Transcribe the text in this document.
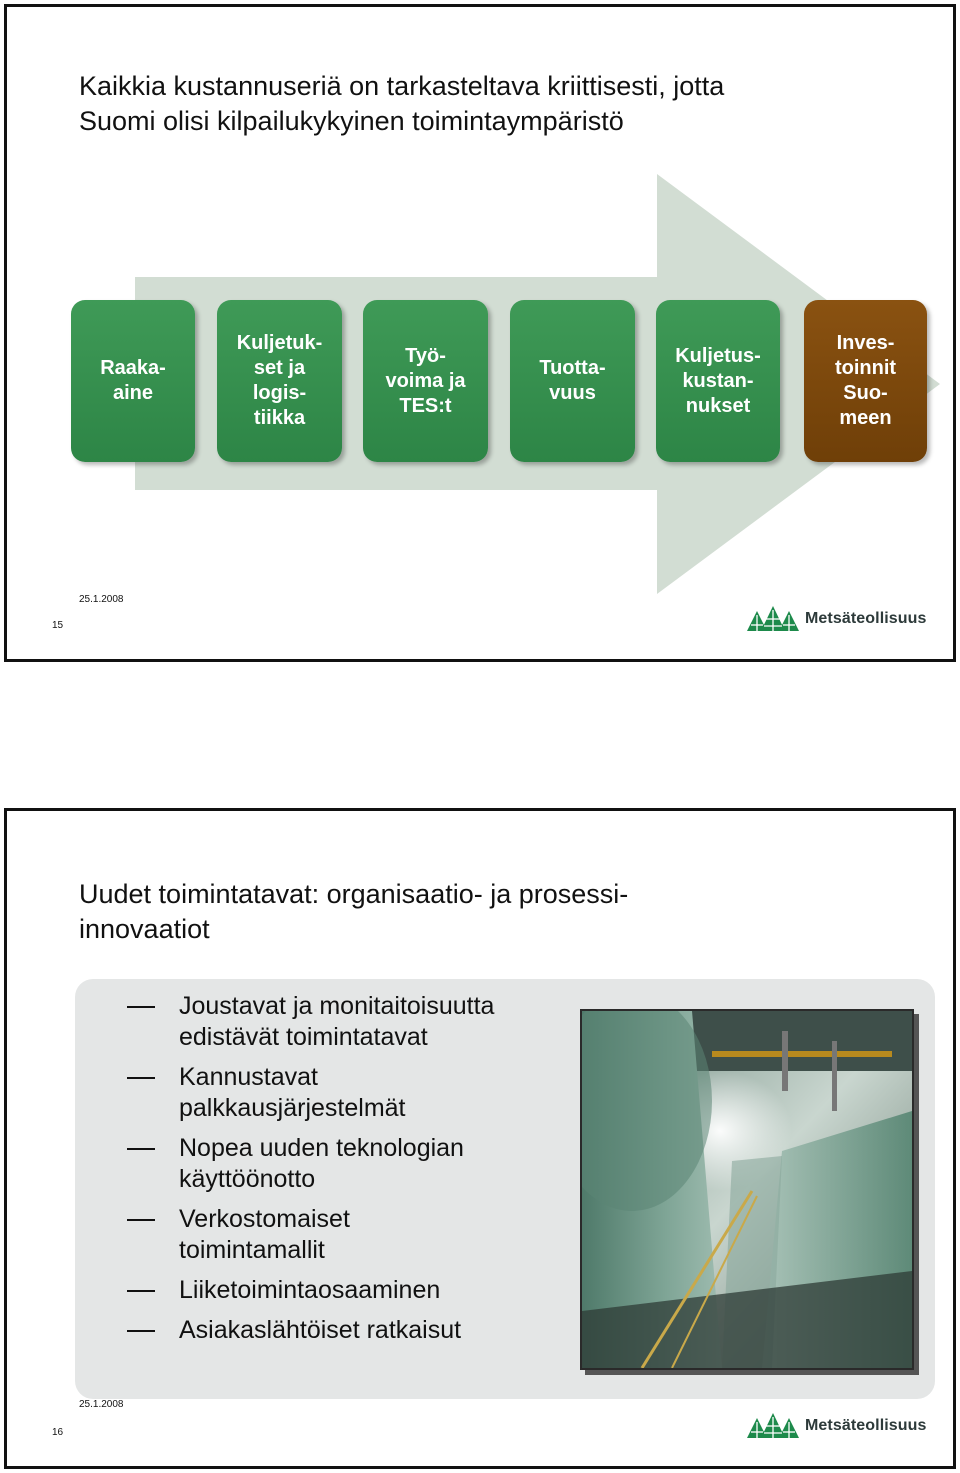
Kaikkia kustannuseriä on tarkasteltava kriittisesti, jotta
Suomi olisi kilpailukykyinen toimintaympäristö
Raaka-
aine
Kuljetuk-
set ja
logis-
tiikka
Työ-
voima ja
TES:t
Tuotta-
vuus
Kuljetus-
kustan-
nukset
Inves-
toinnit
Suo-
meen
25.1.2008
15	Metsäteollisuus
Uudet toimintatavat: organisaatio- ja prosessi-
innovaatiot
Joustavat ja monitaitoisuutta
edistävät toimintatavat
Kannustavat
palkkausjärjestelmät
Nopea uuden teknologian
käyttöönotto
Verkostomaiset
toimintamallit
Liiketoimintaosaaminen
Asiakaslähtöiset ratkaisut
25.1.2008
16	Metsäteollisuus
